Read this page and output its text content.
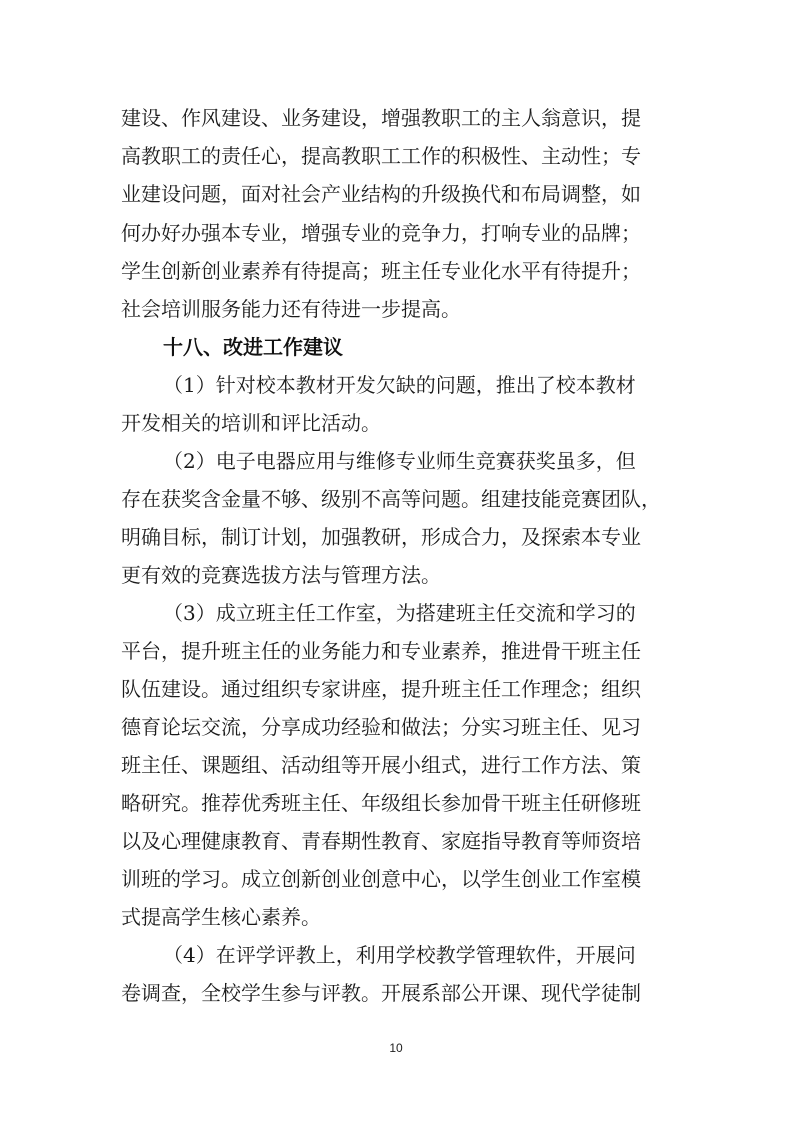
建设、作风建设、业务建设，增强教职工的主人翁意识，提
高教职工的责任心，提高教职工工作的积极性、主动性；专
业建设问题，面对社会产业结构的升级换代和布局调整，如
何办好办强本专业，增强专业的竞争力，打响专业的品牌；
学生创新创业素养有待提高；班主任专业化水平有待提升；
社会培训服务能力还有待进一步提高。
十八、改进工作建议
（1）针对校本教材开发欠缺的问题，推出了校本教材
开发相关的培训和评比活动。
（2）电子电器应用与维修专业师生竞赛获奖虽多，但
存在获奖含金量不够、级别不高等问题。组建技能竞赛团队，
明确目标，制订计划，加强教研，形成合力，及探索本专业
更有效的竞赛选拔方法与管理方法。
（3）成立班主任工作室，为搭建班主任交流和学习的
平台，提升班主任的业务能力和专业素养，推进骨干班主任
队伍建设。通过组织专家讲座，提升班主任工作理念；组织
德育论坛交流，分享成功经验和做法；分实习班主任、见习
班主任、课题组、活动组等开展小组式，进行工作方法、策
略研究。推荐优秀班主任、年级组长参加骨干班主任研修班
以及心理健康教育、青春期性教育、家庭指导教育等师资培
训班的学习。成立创新创业创意中心，以学生创业工作室模
式提高学生核心素养。
（4）在评学评教上，利用学校教学管理软件，开展问
卷调查，全校学生参与评教。开展系部公开课、现代学徒制
10
